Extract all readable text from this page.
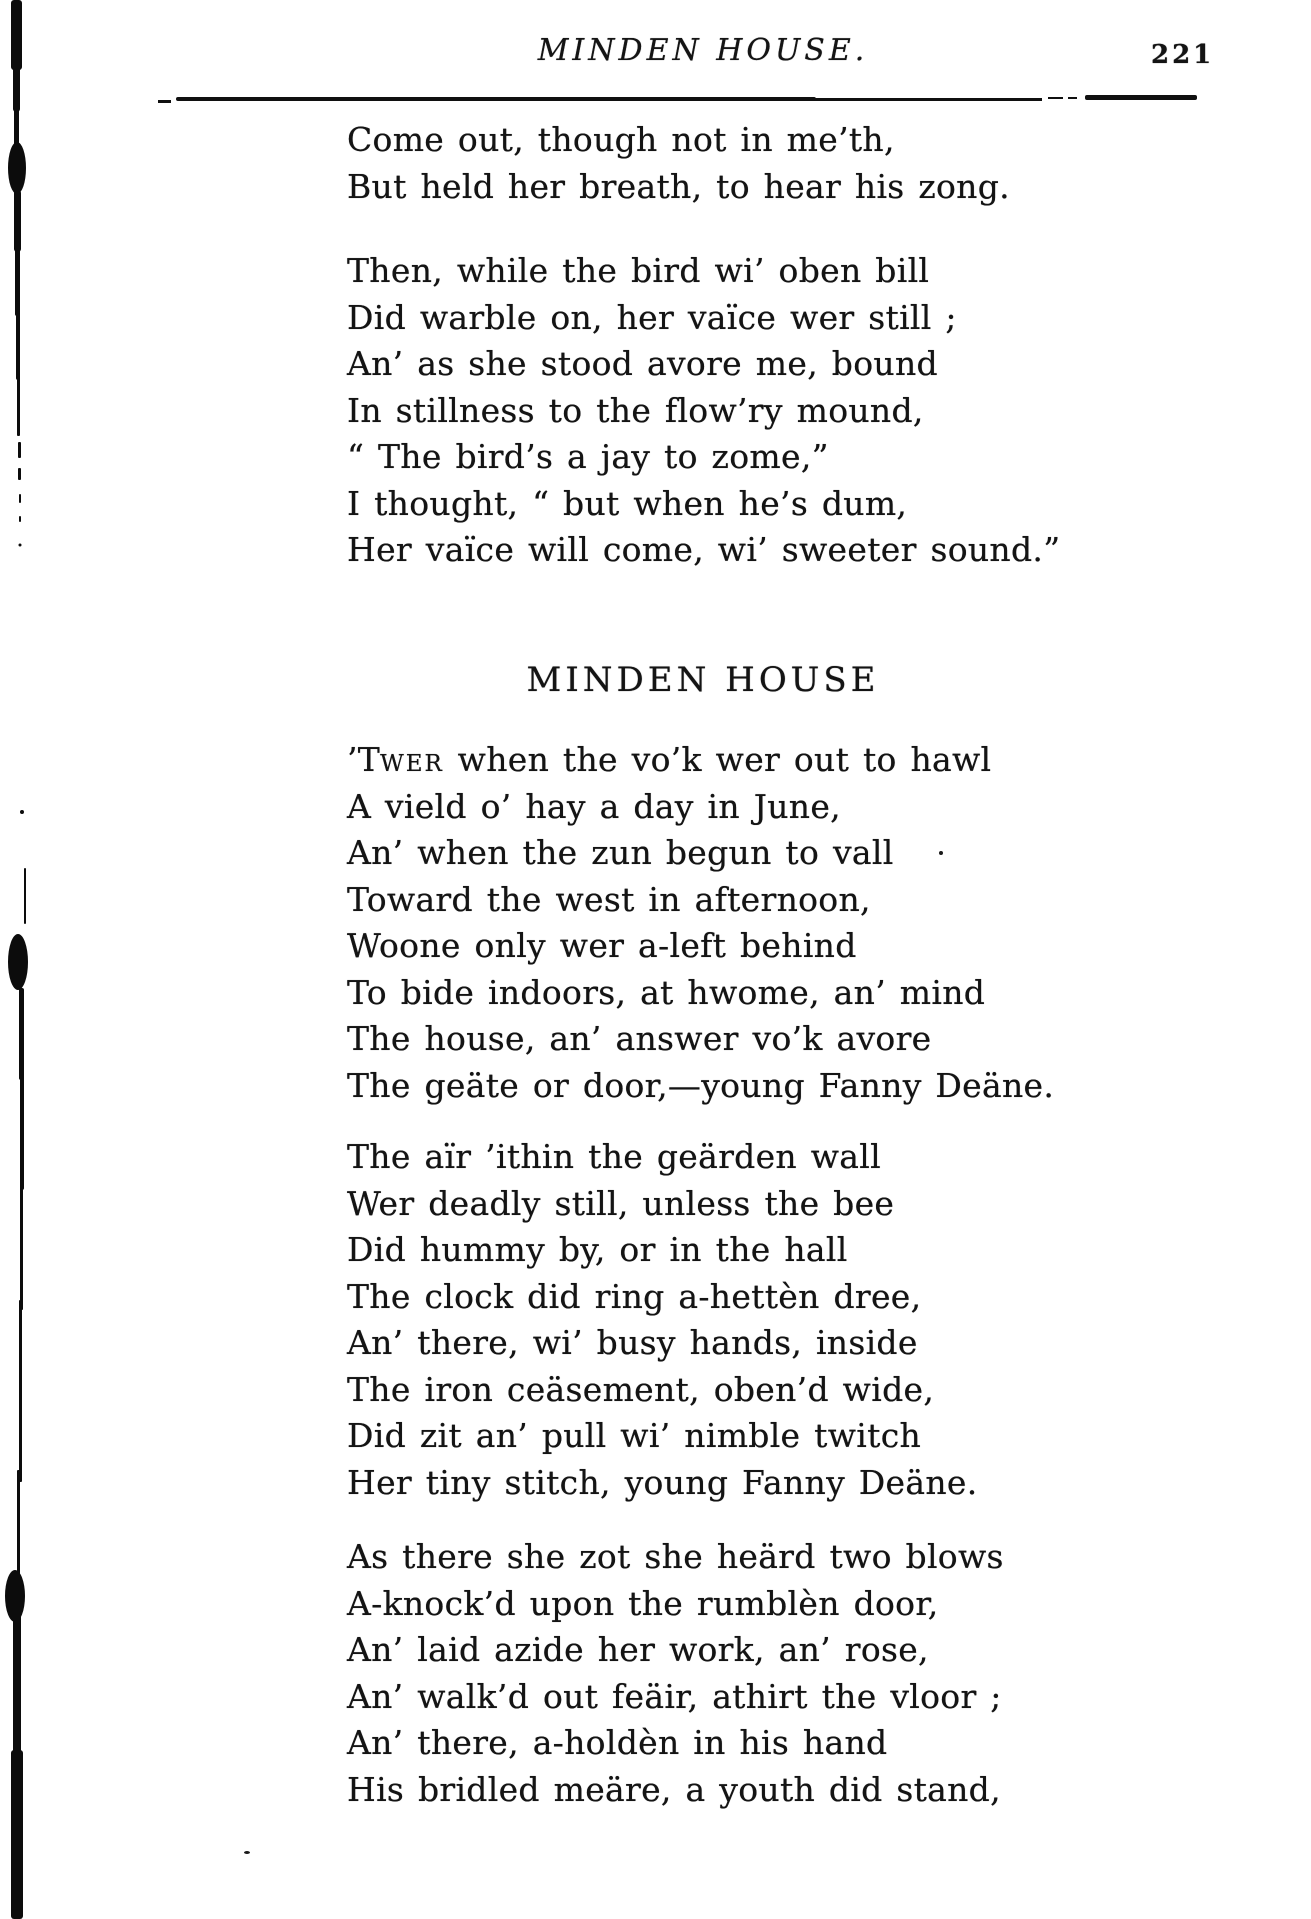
MINDEN HOUSE.	221
Come out, though not in me’th,
But held her breath, to hear his zong.
Then, while the bird wi’ oben bill
Did warble on, her vaïce wer still ;
An’ as she stood avore me, bound
In stillness to the flow’ry mound,
“ The bird’s a jay to zome,”
I thought, “ but when he’s dum,
Her vaïce will come, wi’ sweeter sound.”
MINDEN HOUSE
’Twer when the vo’k wer out to hawl
A vield o’ hay a day in June,
An’ when the zun begun to vall
Toward the west in afternoon,
Woone only wer a-left behind
To bide indoors, at hwome, an’ mind
The house, an’ answer vo’k avore
The geäte or door,—young Fanny Deäne.
The aïr ’ithin the geärden wall
Wer deadly still, unless the bee
Did hummy by, or in the hall
The clock did ring a-hettèn dree,
An’ there, wi’ busy hands, inside
The iron ceäsement, oben’d wide,
Did zit an’ pull wi’ nimble twitch
Her tiny stitch, young Fanny Deäne.
As there she zot she heärd two blows
A-knock’d upon the rumblèn door,
An’ laid azide her work, an’ rose,
An’ walk’d out feäir, athirt the vloor ;
An’ there, a-holdèn in his hand
His bridled meäre, a youth did stand,
